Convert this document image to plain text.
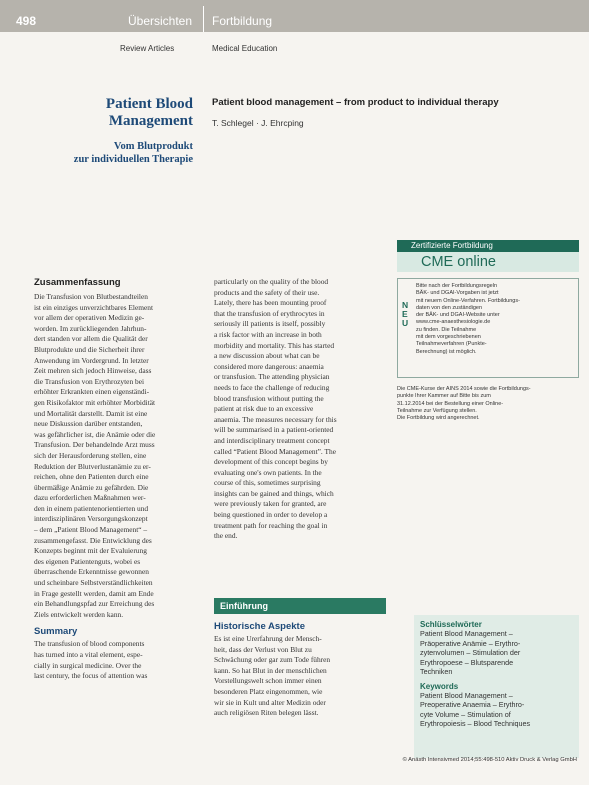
498	Übersichten Fortbildung
Review Articles	Medical Education
Patient Blood
Management
Vom Blutprodukt
zur individuellen Therapie
Patient blood management – from product to individual therapy
T. Schlegel · J. Ehrcping
Zertifizierte Fortbildung
CME online
N
E
U
Bitte nach der Fortbildungsregeln
BÄK- und DGAI-Vorgaben ist jetzt
mit neuem Online-Verfahren. Fortbildungs-
daten von den zuständigen
der BÄK- und DGAI-Website unter
www.cme-anaesthesiologie.de
zu finden. Die Teilnahme
mit dem vorgeschriebenen
Teilnahmeverfahren (Punkte-
Berechnung) ist möglich.
Die CME-Kurse der AINS 2014 sowie die Fortbildungs-
punkte Ihrer Kammer auf Bitte bis zum
31.12.2014 bei der Bestellung einer Online-
Teilnahme zur Verfügung stellen.
Die Fortbildung wird angerechnet.
Zusammenfassung
Die Transfusion von Blutbestandteilen
ist ein einziges unverzichtbares Element
vor allem der operativen Medizin ge-
worden. Im zurückliegenden Jahrhun-
dert standen vor allem die Qualität der
Blutprodukte und die Sicherheit ihrer
Anwendung im Vordergrund. In letzter
Zeit mehren sich jedoch Hinweise, dass
die Transfusion von Erythrozyten bei
erhöhter Erkrankten einen eigenständi-
gen Risikofaktor mit erhöhter Morbidität
und Mortalität darstellt. Damit ist eine
neue Diskussion darüber entstanden,
was gefährlicher ist, die Anämie oder die
Transfusion. Der behandelnde Arzt muss
sich der Herausforderung stellen, eine
Reduktion der Blutverlustanämie zu er-
reichen, ohne den Patienten durch eine
übermäßige Anämie zu gefährden. Die
dazu erforderlichen Maßnahmen wer-
den in einem patientenorientierten und
interdisziplinären Versorgungskonzept
– dem „Patient Blood Management“ –
zusammengefasst. Die Entwicklung des
Konzepts beginnt mit der Evaluierung
des eigenen Patientenguts, wobei es
überraschende Erkenntnisse gewonnen
und scheinbare Selbstverständlichkeiten
in Frage gestellt werden, damit am Ende
ein Behandlungspfad zur Erreichung des
Ziels entwickelt werden kann.
Summary
The transfusion of blood components
has turned into a vital element, espe-
cially in surgical medicine. Over the
last century, the focus of attention was
particularly on the quality of the blood
products and the safety of their use.
Lately, there has been mounting proof
that the transfusion of erythrocytes in
seriously ill patients is itself, possibly
a risk factor with an increase in both
morbidity and mortality. This has started
a new discussion about what can be
considered more dangerous: anaemia
or transfusion. The attending physician
needs to face the challenge of reducing
blood transfusion without putting the
patient at risk due to an excessive
anaemia. The measures necessary for this
will be summarised in a patient-oriented
and interdisciplinary treatment concept
called “Patient Blood Management”. The
development of this concept begins by
evaluating one's own patients. In the
course of this, sometimes surprising
insights can be gained and things, which
were previously taken for granted, are
being questioned in order to develop a
treatment path for reaching the goal in
the end.
Einführung
Historische Aspekte
Es ist eine Urerfahrung der Mensch-
heit, dass der Verlust von Blut zu
Schwächung oder gar zum Tode führen
kann. So hat Blut in der menschlichen
Vorstellungswelt schon immer einen
besonderen Platz eingenommen, wie
wir sie in Kult und alter Medizin oder
auch religiösen Riten belegen lässt.
Schlüsselwörter
Patient Blood Management –
Präoperative Anämie – Erythro-
zytenvolumen – Stimulation der
Erythropoese – Blutsparende
Techniken
Keywords
Patient Blood Management –
Preoperative Anaemia – Erythro-
cyte Volume – Stimulation of
Erythropoiesis – Blood Techniques
© Anästh Intensivmed 2014;55:498-510 Aktiv Druck & Verlag GmbH
